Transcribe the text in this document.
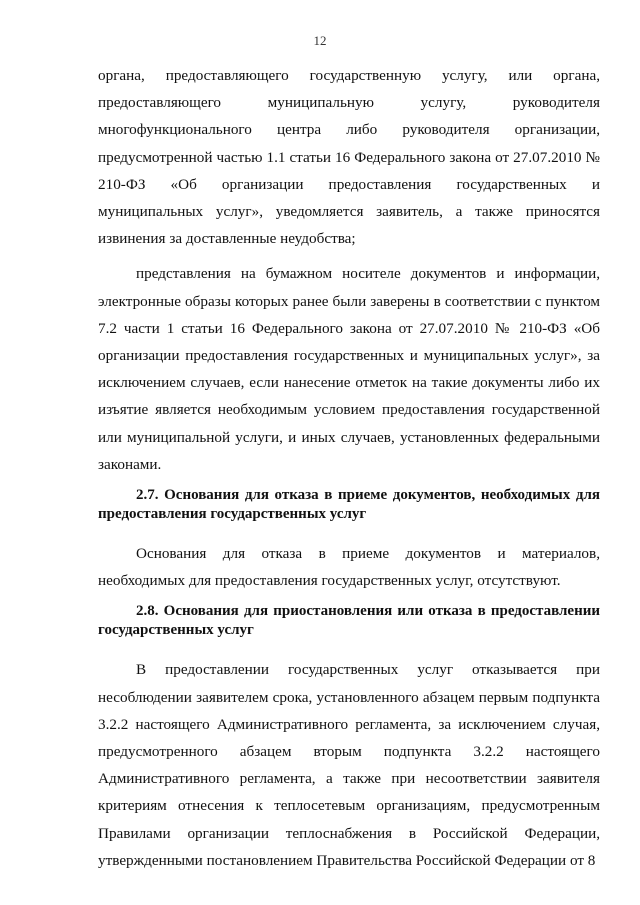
12

органа, предоставляющего государственную услугу, или органа, предоставляющего муниципальную услугу, руководителя многофункционального центра либо руководителя организации, предусмотренной частью 1.1 статьи 16 Федерального закона от 27.07.2010 № 210-ФЗ «Об организации предоставления государственных и муниципальных услуг», уведомляется заявитель, а также приносятся извинения за доставленные неудобства;

представления на бумажном носителе документов и информации, электронные образы которых ранее были заверены в соответствии с пунктом 7.2 части 1 статьи 16 Федерального закона от 27.07.2010 № 210-ФЗ «Об организации предоставления государственных и муниципальных услуг», за исключением случаев, если нанесение отметок на такие документы либо их изъятие является необходимым условием предоставления государственной или муниципальной услуги, и иных случаев, установленных федеральными законами.

2.7. Основания для отказа в приеме документов, необходимых для предоставления государственных услуг

Основания для отказа в приеме документов и материалов, необходимых для предоставления государственных услуг, отсутствуют.

2.8. Основания для приостановления или отказа в предоставлении государственных услуг

В предоставлении государственных услуг отказывается при несоблюдении заявителем срока, установленного абзацем первым подпункта 3.2.2 настоящего Административного регламента, за исключением случая, предусмотренного абзацем вторым подпункта 3.2.2 настоящего Административного регламента, а также при несоответствии заявителя критериям отнесения к теплосетевым организациям, предусмотренным Правилами организации теплоснабжения в Российской Федерации, утвержденными постановлением Правительства Российской Федерации от 8
